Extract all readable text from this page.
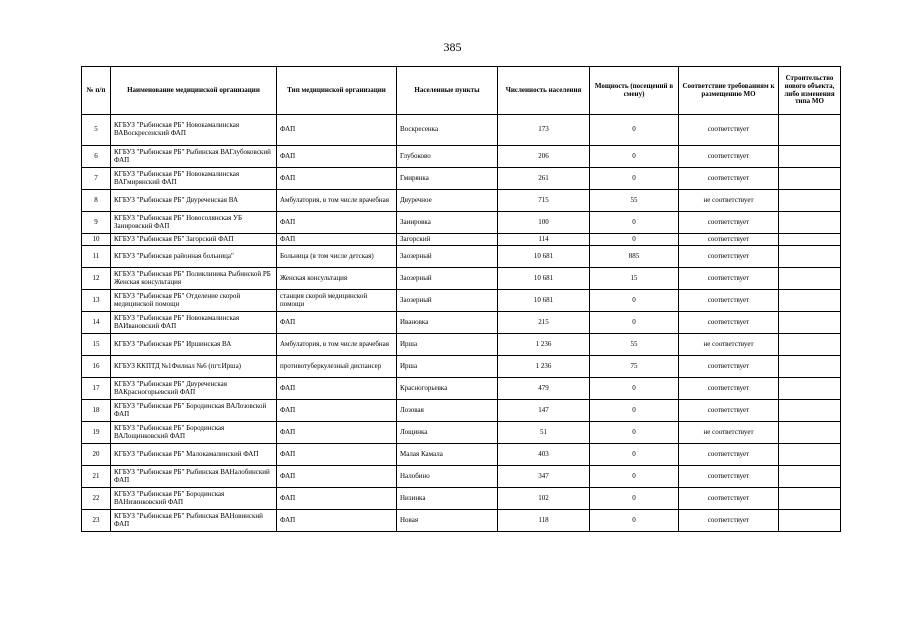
385
№ п/п	Наименование медицинской организации	Тип медицинской организации	Населенные пункты	Численность населения	Мощность (посещений в смену)	Соответствие требованиям к размещению МО	Строительство нового объекта, либо изменения типа МО
5	КГБУЗ "Рыбинская РБ" Новокамалинская ВАВоскресенский ФАП	ФАП	Воскресенка	173	0	соответствует	
6	КГБУЗ "Рыбинская РБ" Рыбинская ВАГлубоковский ФАП	ФАП	Глубоково	206	0	соответствует	
7	КГБУЗ "Рыбинская РБ" Новокамалинская ВАГмирянский ФАП	ФАП	Гмирянка	261	0	соответствует	
8	КГБУЗ "Рыбинская РБ" Двуреченская ВА	Амбулатория, в том числе врачебная	Двуречное	715	55	не соответствует	
9	КГБУЗ "Рыбинская РБ" Новосолянская УБ Заиировский ФАП	ФАП	Заиировка	100	0	соответствует	
10	КГБУЗ "Рыбинская РБ" Загорский ФАП	ФАП	Загорский	114	0	соответствует	
11	КГБУЗ "Рыбинская районная больница"	Больница (в том числе детская)	Заозерный	10 681	885	соответствует	
12	КГБУЗ "Рыбинская РБ" Поликлиника Рыбинской РБ Женская консультация	Женская консультация	Заозерный	10 681	15	соответствует	
13	КГБУЗ "Рыбинская РБ" Отделение скорой медицинской помощи	станция скорой медицинской помощи	Заозерный	10 681	0	соответствует	
14	КГБУЗ "Рыбинская РБ" Новокамалинская ВАИвановский ФАП	ФАП	Ивановка	215	0	соответствует	
15	КГБУЗ "Рыбинская РБ" Иршинская ВА	Амбулатория, в том числе врачебная	Ирша	1 236	55	не соответствует	
16	КГБУЗ ККПТД №1Филиал №6 (пгт.Ирша)	противотуберкулезный диспансер	Ирша	1 236	75	соответствует	
17	КГБУЗ "Рыбинская РБ" Двуреченская ВАКрасногорьевский ФАП	ФАП	Красногорьевка	479	0	соответствует	
18	КГБУЗ "Рыбинская РБ" Бородинская ВАЛозовской ФАП	ФАП	Лозовая	147	0	соответствует	
19	КГБУЗ "Рыбинская РБ" Бородинская ВАЛощинковский ФАП	ФАП	Лощинка	51	0	не соответствует	
20	КГБУЗ "Рыбинская РБ" Малокамалинский ФАП	ФАП	Малая Камала	403	0	соответствует	
21	КГБУЗ "Рыбинская РБ" Рыбинская ВАНалобинский ФАП	ФАП	Налобино	347	0	соответствует	
22	КГБУЗ "Рыбинская РБ" Бородинская ВАНизинковский ФАП	ФАП	Низинка	102	0	соответствует	
23	КГБУЗ "Рыбинская РБ" Рыбинская ВАНовинский ФАП	ФАП	Новая	118	0	соответствует	
